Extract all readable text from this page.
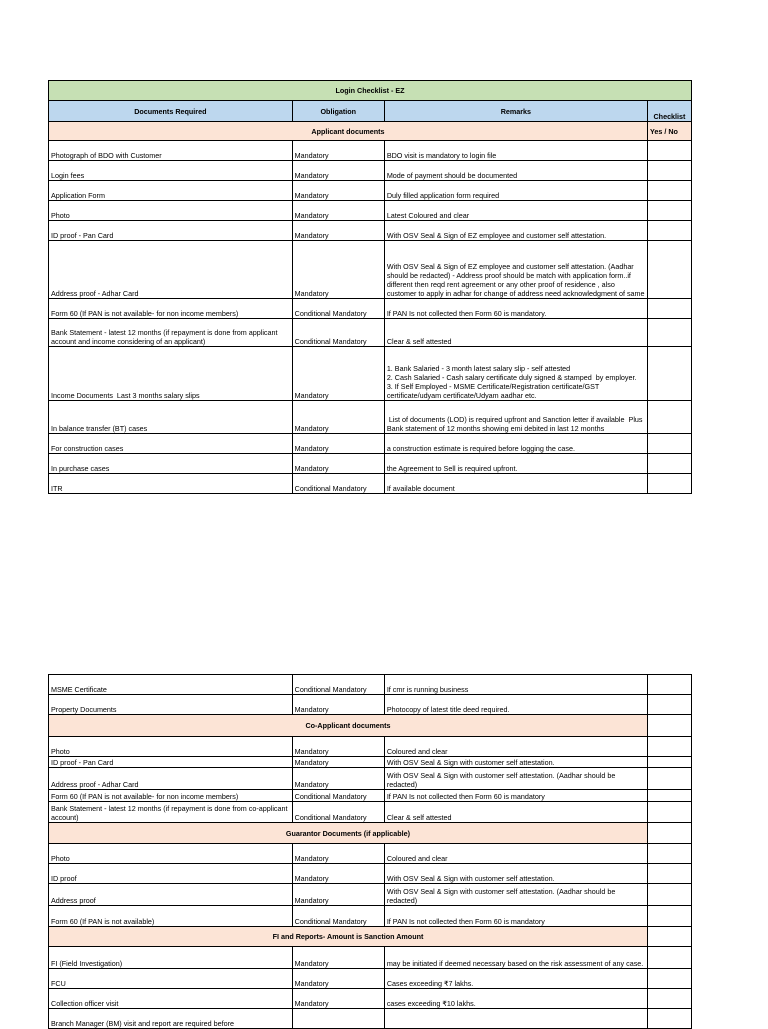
Login Checklist - EZ			
Documents Required	Obligation	Remarks	Checklist
Applicant documents			Yes / No
Photograph of BDO with Customer	Mandatory	BDO visit is mandatory to login file	
Login fees	Mandatory	Mode of payment should be documented	
Application Form	Mandatory	Duly filled application form required	
Photo	Mandatory	Latest Coloured and clear	
ID proof - Pan Card	Mandatory	With OSV Seal & Sign of EZ employee and customer self attestation.	
Address proof - Adhar Card	Mandatory	With OSV Seal & Sign of EZ employee and customer self attestation. (Aadhar should be redacted) - Address proof should be match with application form..if different then reqd rent agreement or any other proof of residence , also customer to apply in adhar for change of address need acknowledgment of same	
Form 60 (If PAN is not available- for non income members)	Conditional Mandatory	If PAN Is not collected then Form 60 is mandatory.	
Bank Statement - latest 12 months (if repayment is done from applicant account and income considering of an applicant)	Conditional Mandatory	Clear & self attested	
Income Documents  Last 3 months salary slips	Mandatory	1. Bank Salaried - 3 month latest salary slip - self attested
2. Cash Salaried - Cash salary certificate duly signed & stamped  by employer.
3. If Self Employed - MSME Certificate/Registration certificate/GST certificate/udyam certificate/Udyam aadhar etc.	
In balance transfer (BT) cases	Mandatory	List of documents (LOD) is required upfront and Sanction letter if available  Plus Bank statement of 12 months showing emi debited in last 12 months	
For construction cases	Mandatory	a construction estimate is required before logging the case.	
In purchase cases	Mandatory	the Agreement to Sell is required upfront.	
ITR	Conditional Mandatory	If available document	
MSME Certificate	Conditional Mandatory	If cmr is running business	
Property Documents	Mandatory	Photocopy of latest title deed required.	
Co-Applicant documents			
Photo	Mandatory	Coloured and clear	
ID proof - Pan Card	Mandatory	With OSV Seal & Sign with customer self attestation.	
Address proof - Adhar Card	Mandatory	With OSV Seal & Sign with customer self attestation. (Aadhar should be redacted)	
Form 60 (If PAN is not available- for non income members)	Conditional Mandatory	If PAN Is not collected then Form 60 is mandatory	
Bank Statement - latest 12 months (if repayment is done from co-applicant account)	Conditional Mandatory	Clear & self attested	
Guarantor Documents (if applicable)			
Photo	Mandatory	Coloured and clear	
ID proof	Mandatory	With OSV Seal & Sign with customer self attestation.	
Address proof	Mandatory	With OSV Seal & Sign with customer self attestation. (Aadhar should be redacted)	
Form 60 (If PAN is not available)	Conditional Mandatory	If PAN Is not collected then Form 60 is mandatory	
FI and Reports- Amount is Sanction Amount			
FI (Field Investigation)	Mandatory	may be initiated if deemed necessary based on the risk assessment of any case.	
FCU	Mandatory	Cases exceeding ₹7 lakhs.	
Collection officer visit	Mandatory	cases exceeding ₹10 lakhs.	
Branch Manager (BM) visit and report are required before			
